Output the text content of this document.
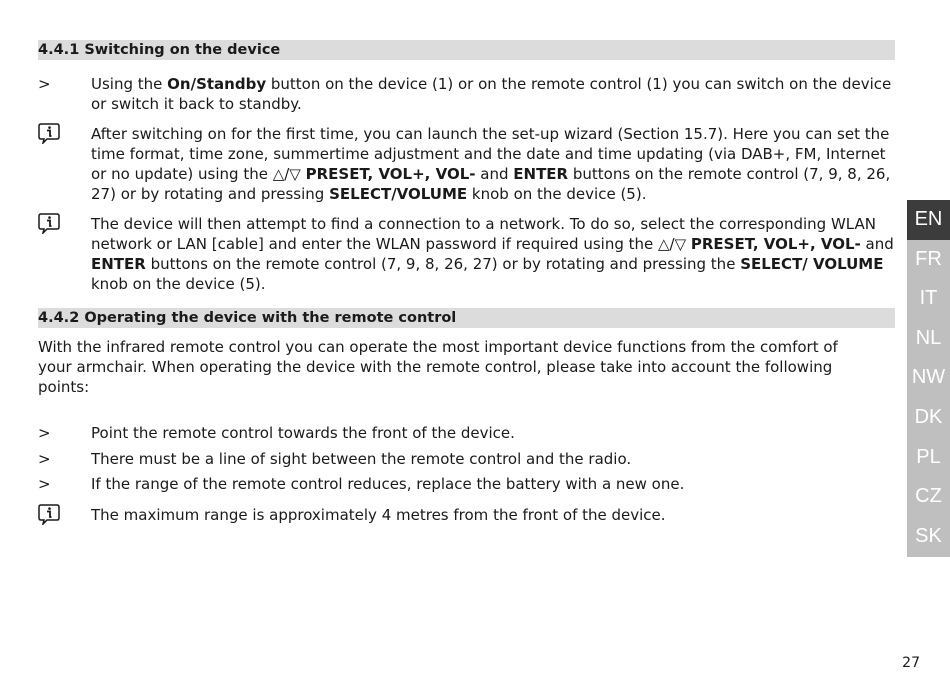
4.4.1 Switching on the device
>	Using the On/Standby button on the device (1) or on the remote control (1) you can switch on the device or switch it back to standby.
After switching on for the first time, you can launch the set-up wizard (Section 15.7). Here you can set the time format, time zone, summertime adjustment and the date and time updating (via DAB+, FM, Internet or no update) using the △/▽ PRESET, VOL+, VOL- and ENTER buttons on the remote control (7, 9, 8, 26, 27) or by rotating and pressing SELECT/VOLUME knob on the device (5).
The device will then attempt to find a connection to a network. To do so, select the corresponding WLAN network or LAN [cable] and enter the WLAN password if required using the △/▽ PRESET, VOL+, VOL- and ENTER buttons on the remote control (7, 9, 8, 26, 27) or by rotating and pressing the SELECT/ VOLUME knob on the device (5).
4.4.2 Operating the device with the remote control
With the infrared remote control you can operate the most important device functions from the comfort of your armchair. When operating the device with the remote control, please take into account the following points:
>	Point the remote control towards the front of the device.
>	There must be a line of sight between the remote control and the radio.
>	If the range of the remote control reduces, replace the battery with a new one.
The maximum range is approximately 4 metres from the front of the device.
EN
FR
IT
NL
NW
DK
PL
CZ
SK
27
